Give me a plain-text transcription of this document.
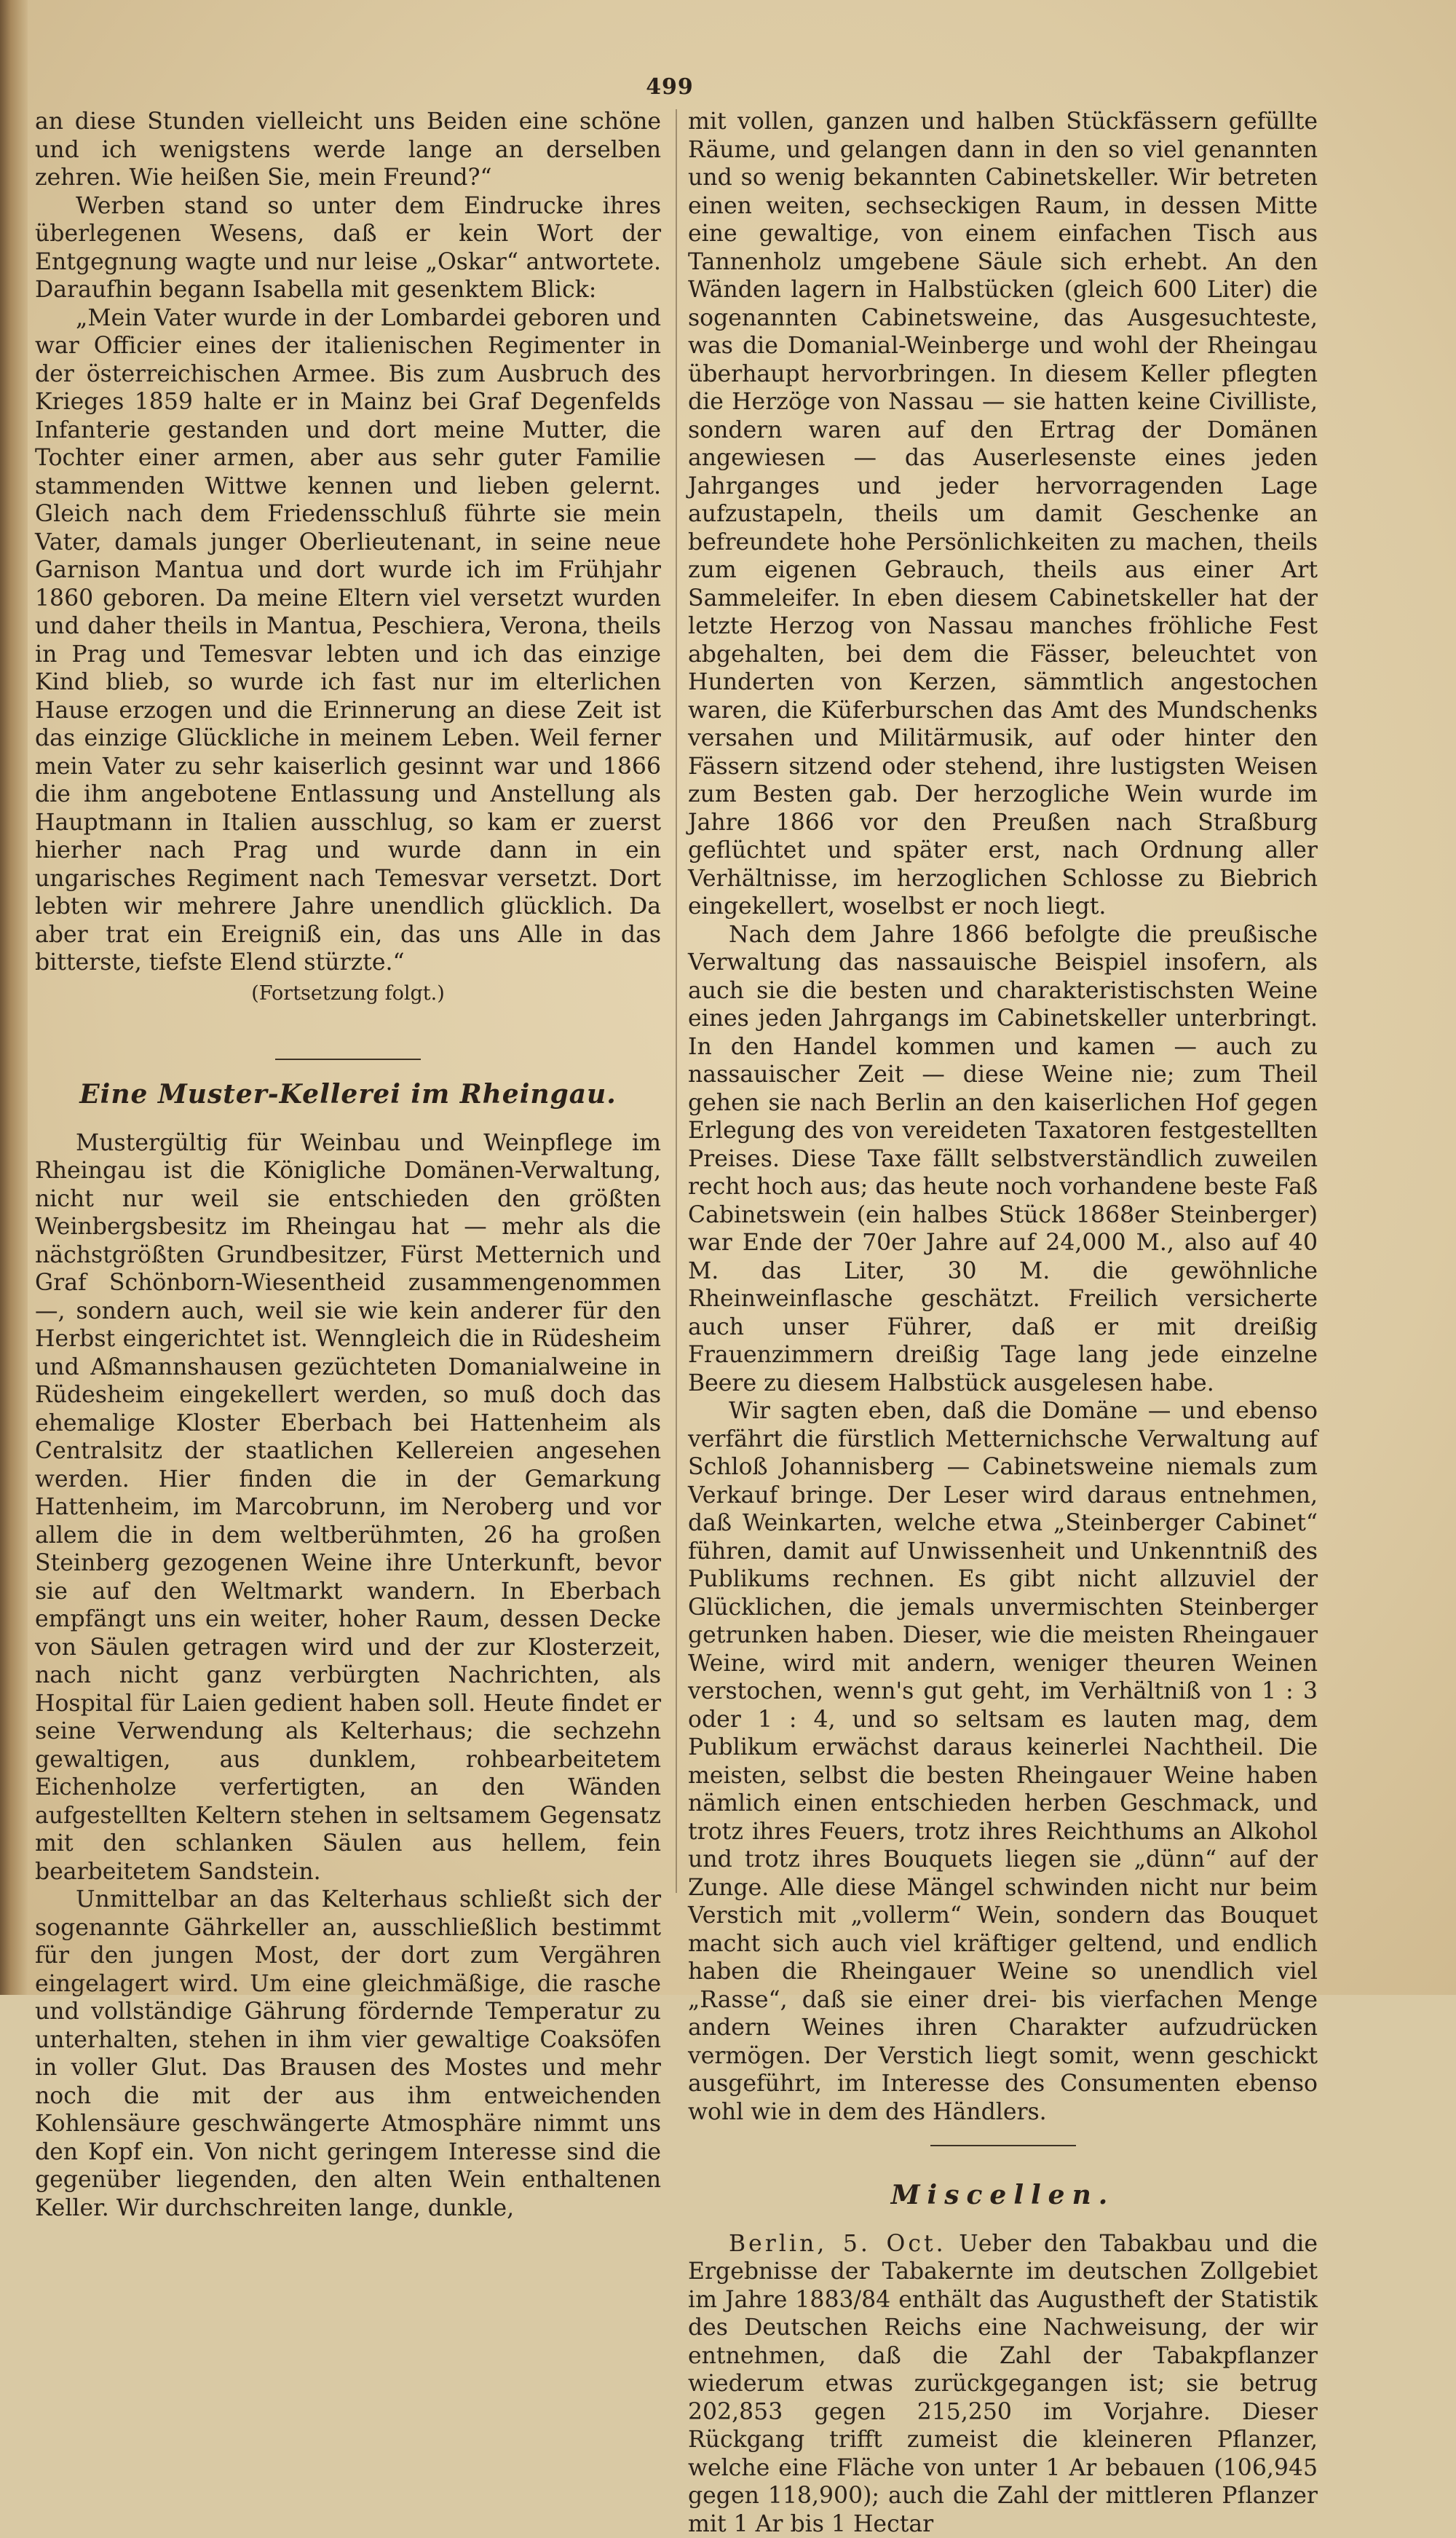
499

an diese Stunden vielleicht uns Beiden eine schöne und ich wenigstens werde lange an derselben zehren. Wie heißen Sie, mein Freund?“

Werben stand so unter dem Eindrucke ihres überlegenen Wesens, daß er kein Wort der Entgegnung wagte und nur leise „Oskar“ antwortete. Daraufhin begann Isabella mit gesenktem Blick:

„Mein Vater wurde in der Lombardei geboren und war Officier eines der italienischen Regimenter in der österreichischen Armee. Bis zum Ausbruch des Krieges 1859 halte er in Mainz bei Graf Degenfelds Infanterie gestanden und dort meine Mutter, die Tochter einer armen, aber aus sehr guter Familie stammenden Wittwe kennen und lieben gelernt. Gleich nach dem Friedensschluß führte sie mein Vater, damals junger Oberlieutenant, in seine neue Garnison Mantua und dort wurde ich im Frühjahr 1860 geboren. Da meine Eltern viel versetzt wurden und daher theils in Mantua, Peschiera, Verona, theils in Prag und Temesvar lebten und ich das einzige Kind blieb, so wurde ich fast nur im elterlichen Hause erzogen und die Erinnerung an diese Zeit ist das einzige Glückliche in meinem Leben. Weil ferner mein Vater zu sehr kaiserlich gesinnt war und 1866 die ihm angebotene Entlassung und Anstellung als Hauptmann in Italien ausschlug, so kam er zuerst hierher nach Prag und wurde dann in ein ungarisches Regiment nach Temesvar versetzt. Dort lebten wir mehrere Jahre unendlich glücklich. Da aber trat ein Ereigniß ein, das uns Alle in das bitterste, tiefste Elend stürzte.“

(Fortsetzung folgt.)

Eine Muster-Kellerei im Rheingau.

Mustergültig für Weinbau und Weinpflege im Rheingau ist die Königliche Domänen-Verwaltung, nicht nur weil sie entschieden den größten Weinbergsbesitz im Rheingau hat — mehr als die nächstgrößten Grundbesitzer, Fürst Metternich und Graf Schönborn-Wiesentheid zusammengenommen —, sondern auch, weil sie wie kein anderer für den Herbst eingerichtet ist. Wenngleich die in Rüdesheim und Aßmannshausen gezüchteten Domanialweine in Rüdesheim eingekellert werden, so muß doch das ehemalige Kloster Eberbach bei Hattenheim als Centralsitz der staatlichen Kellereien angesehen werden. Hier finden die in der Gemarkung Hattenheim, im Marcobrunn, im Neroberg und vor allem die in dem weltberühmten, 26 ha großen Steinberg gezogenen Weine ihre Unterkunft, bevor sie auf den Weltmarkt wandern. In Eberbach empfängt uns ein weiter, hoher Raum, dessen Decke von Säulen getragen wird und der zur Klosterzeit, nach nicht ganz verbürgten Nachrichten, als Hospital für Laien gedient haben soll. Heute findet er seine Verwendung als Kelterhaus; die sechzehn gewaltigen, aus dunklem, rohbearbeitetem Eichenholze verfertigten, an den Wänden aufgestellten Keltern stehen in seltsamem Gegensatz mit den schlanken Säulen aus hellem, fein bearbeitetem Sandstein.

Unmittelbar an das Kelterhaus schließt sich der sogenannte Gährkeller an, ausschließlich bestimmt für den jungen Most, der dort zum Vergähren eingelagert wird. Um eine gleichmäßige, die rasche und vollständige Gährung fördernde Temperatur zu unterhalten, stehen in ihm vier gewaltige Coaksöfen in voller Glut. Das Brausen des Mostes und mehr noch die mit der aus ihm entweichenden Kohlensäure geschwängerte Atmosphäre nimmt uns den Kopf ein. Von nicht geringem Interesse sind die gegenüber liegenden, den alten Wein enthaltenen Keller. Wir durchschreiten lange, dunkle,

mit vollen, ganzen und halben Stückfässern gefüllte Räume, und gelangen dann in den so viel genannten und so wenig bekannten Cabinetskeller. Wir betreten einen weiten, sechseckigen Raum, in dessen Mitte eine gewaltige, von einem einfachen Tisch aus Tannenholz umgebene Säule sich erhebt. An den Wänden lagern in Halbstücken (gleich 600 Liter) die sogenannten Cabinetsweine, das Ausgesuchteste, was die Domanial-Weinberge und wohl der Rheingau überhaupt hervorbringen. In diesem Keller pflegten die Herzöge von Nassau — sie hatten keine Civilliste, sondern waren auf den Ertrag der Domänen angewiesen — das Auserlesenste eines jeden Jahrganges und jeder hervorragenden Lage aufzustapeln, theils um damit Geschenke an befreundete hohe Persönlichkeiten zu machen, theils zum eigenen Gebrauch, theils aus einer Art Sammeleifer. In eben diesem Cabinetskeller hat der letzte Herzog von Nassau manches fröhliche Fest abgehalten, bei dem die Fässer, beleuchtet von Hunderten von Kerzen, sämmtlich angestochen waren, die Küferburschen das Amt des Mundschenks versahen und Militärmusik, auf oder hinter den Fässern sitzend oder stehend, ihre lustigsten Weisen zum Besten gab. Der herzogliche Wein wurde im Jahre 1866 vor den Preußen nach Straßburg geflüchtet und später erst, nach Ordnung aller Verhältnisse, im herzoglichen Schlosse zu Biebrich eingekellert, woselbst er noch liegt.

Nach dem Jahre 1866 befolgte die preußische Verwaltung das nassauische Beispiel insofern, als auch sie die besten und charakteristischsten Weine eines jeden Jahrgangs im Cabinetskeller unterbringt. In den Handel kommen und kamen — auch zu nassauischer Zeit — diese Weine nie; zum Theil gehen sie nach Berlin an den kaiserlichen Hof gegen Erlegung des von vereideten Taxatoren festgestellten Preises. Diese Taxe fällt selbstverständlich zuweilen recht hoch aus; das heute noch vorhandene beste Faß Cabinetswein (ein halbes Stück 1868er Steinberger) war Ende der 70er Jahre auf 24,000 M., also auf 40 M. das Liter, 30 M. die gewöhnliche Rheinweinflasche geschätzt. Freilich versicherte auch unser Führer, daß er mit dreißig Frauenzimmern dreißig Tage lang jede einzelne Beere zu diesem Halbstück ausgelesen habe.

Wir sagten eben, daß die Domäne — und ebenso verfährt die fürstlich Metternichsche Verwaltung auf Schloß Johannisberg — Cabinetsweine niemals zum Verkauf bringe. Der Leser wird daraus entnehmen, daß Weinkarten, welche etwa „Steinberger Cabinet“ führen, damit auf Unwissenheit und Unkenntniß des Publikums rechnen. Es gibt nicht allzuviel der Glücklichen, die jemals unvermischten Steinberger getrunken haben. Dieser, wie die meisten Rheingauer Weine, wird mit andern, weniger theuren Weinen verstochen, wenn's gut geht, im Verhältniß von 1 : 3 oder 1 : 4, und so seltsam es lauten mag, dem Publikum erwächst daraus keinerlei Nachtheil. Die meisten, selbst die besten Rheingauer Weine haben nämlich einen entschieden herben Geschmack, und trotz ihres Feuers, trotz ihres Reichthums an Alkohol und trotz ihres Bouquets liegen sie „dünn“ auf der Zunge. Alle diese Mängel schwinden nicht nur beim Verstich mit „vollerm“ Wein, sondern das Bouquet macht sich auch viel kräftiger geltend, und endlich haben die Rheingauer Weine so unendlich viel „Rasse“, daß sie einer drei- bis vierfachen Menge andern Weines ihren Charakter aufzudrücken vermögen. Der Verstich liegt somit, wenn geschickt ausgeführt, im Interesse des Consumenten ebenso wohl wie in dem des Händlers.

Miscellen.

Berlin, 5. Oct. Ueber den Tabakbau und die Ergebnisse der Tabakernte im deutschen Zollgebiet im Jahre 1883/84 enthält das Augustheft der Statistik des Deutschen Reichs eine Nachweisung, der wir entnehmen, daß die Zahl der Tabakpflanzer wiederum etwas zurückgegangen ist; sie betrug 202,853 gegen 215,250 im Vorjahre. Dieser Rückgang trifft zumeist die kleineren Pflanzer, welche eine Fläche von unter 1 Ar bebauen (106,945 gegen 118,900); auch die Zahl der mittleren Pflanzer mit 1 Ar bis 1 Hectar
